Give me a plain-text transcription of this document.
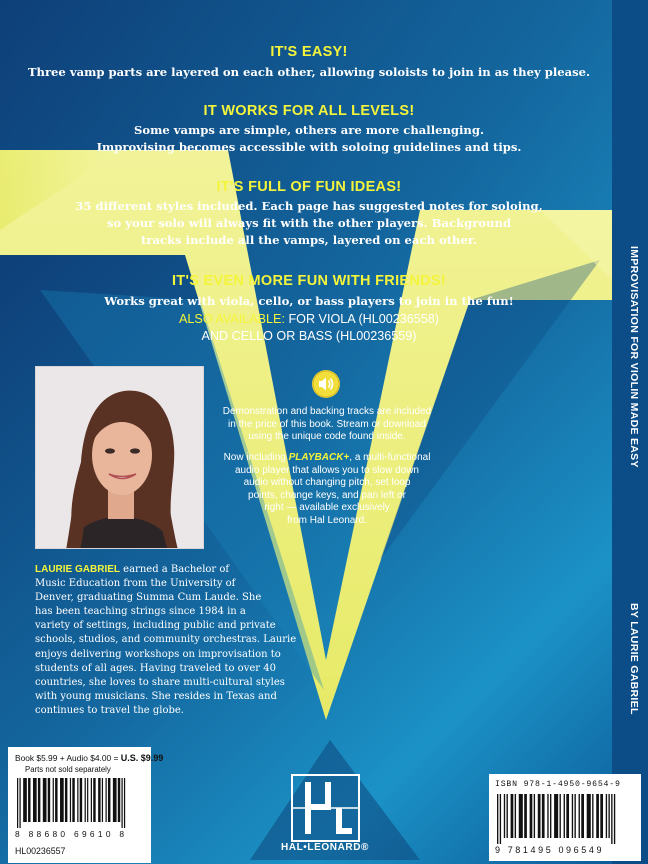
IT'S EASY!
Three vamp parts are layered on each other, allowing soloists to join in as they please.
IT WORKS FOR ALL LEVELS!
Some vamps are simple, others are more challenging.
Improvising becomes accessible with soloing guidelines and tips.
IT'S FULL OF FUN IDEAS!
35 different styles included. Each page has suggested notes for soloing,
so your solo will always fit with the other players. Background
tracks include all the vamps, layered on each other.
IT'S EVEN MORE FUN WITH FRIENDS!
Works great with viola, cello, or bass players to join in the fun!
ALSO AVAILABLE: FOR VIOLA (HL00236558)
AND CELLO OR BASS (HL00236559)
Demonstration and backing tracks are included
in the price of this book. Stream or download
using the unique code found inside.
Now including PLAYBACK+, a multi-functional
audio player that allows you to slow down
audio without changing pitch, set loop
points, change keys, and pan left or
right — available exclusively
from Hal Leonard.
LAURIE GABRIEL earned a Bachelor of
Music Education from the University of
Denver, graduating Summa Cum Laude. She
has been teaching strings since 1984 in a
variety of settings, including public and private
schools, studios, and community orchestras. Laurie
enjoys delivering workshops on improvisation to
students of all ages. Having traveled to over 40
countries, she loves to share multi-cultural styles
with young musicians. She resides in Texas and
continues to travel the globe.
IMPROVISATION FOR VIOLIN MADE EASY
BY LAURIE GABRIEL
Book $5.99 + Audio $4.00 = U.S. $9.99
Parts not sold separately
8 88680 69610 8
HL00236557	HAL•LEONARD®
ISBN 978-1-4950-9654-9
9 781495 096549
